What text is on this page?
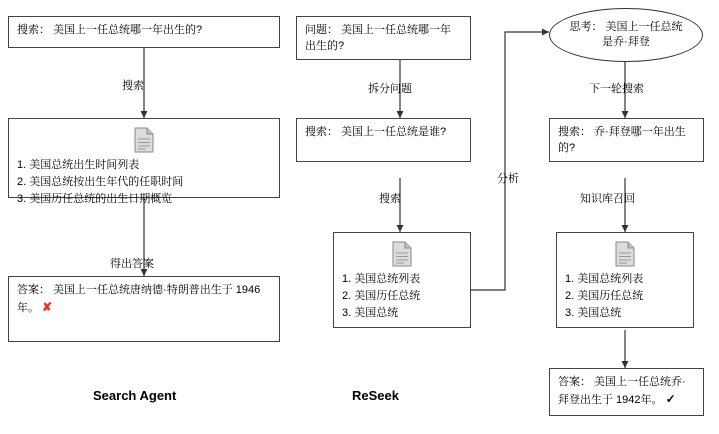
搜索： 美国上一任总统哪一年出生的?
搜索
1. 美国总统出生时间列表
2. 美国总统按出生年代的任职时间
3. 美国历任总统的出生日期概览
得出答案
答案： 美国上一任总统唐纳德·特朗普出生于 1946 年。 ✘
Search Agent
问题： 美国上一任总统哪一年出生的?
拆分问题
搜索： 美国上一任总统是谁?
搜索
1. 美国总统列表
2. 美国历任总统
3. 美国总统
分析
ReSeek
思考： 美国上一任总统是乔·拜登
下一轮搜索
搜索： 乔·拜登哪一年出生的?
知识库召回
1. 美国总统列表
2. 美国历任总统
3. 美国总统
答案： 美国上一任总统乔·拜登出生于 1942年。 ✓
